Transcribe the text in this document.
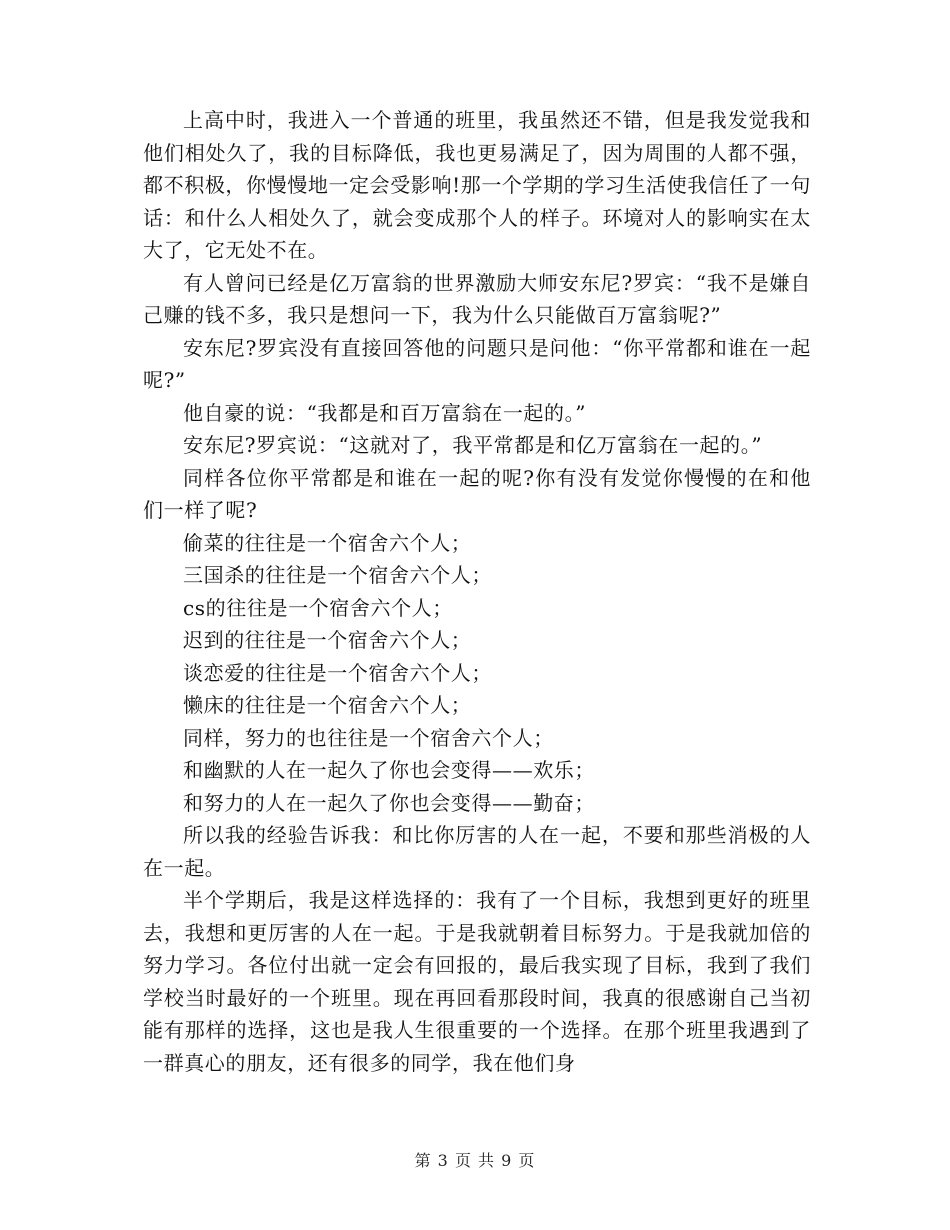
上高中时，我进入一个普通的班里，我虽然还不错，但是我发觉我和他们相处久了，我的目标降低，我也更易满足了，因为周围的人都不强，都不积极，你慢慢地一定会受影响!那一个学期的学习生活使我信任了一句话：和什么人相处久了，就会变成那个人的样子。环境对人的影响实在太大了，它无处不在。

有人曾问已经是亿万富翁的世界激励大师安东尼?罗宾：“我不是嫌自己赚的钱不多，我只是想问一下，我为什么只能做百万富翁呢?”

安东尼?罗宾没有直接回答他的问题只是问他：“你平常都和谁在一起呢?”

他自豪的说：“我都是和百万富翁在一起的。”

安东尼?罗宾说：“这就对了，我平常都是和亿万富翁在一起的。”

同样各位你平常都是和谁在一起的呢?你有没有发觉你慢慢的在和他们一样了呢?

偷菜的往往是一个宿舍六个人；

三国杀的往往是一个宿舍六个人；

cs的往往是一个宿舍六个人；

迟到的往往是一个宿舍六个人；

谈恋爱的往往是一个宿舍六个人；

懒床的往往是一个宿舍六个人；

同样，努力的也往往是一个宿舍六个人；

和幽默的人在一起久了你也会变得——欢乐；

和努力的人在一起久了你也会变得——勤奋；

所以我的经验告诉我：和比你厉害的人在一起，不要和那些消极的人在一起。

半个学期后，我是这样选择的：我有了一个目标，我想到更好的班里去，我想和更厉害的人在一起。于是我就朝着目标努力。于是我就加倍的努力学习。各位付出就一定会有回报的，最后我实现了目标，我到了我们学校当时最好的一个班里。现在再回看那段时间，我真的很感谢自己当初能有那样的选择，这也是我人生很重要的一个选择。在那个班里我遇到了一群真心的朋友，还有很多的同学，我在他们身

第 3 页 共 9 页
